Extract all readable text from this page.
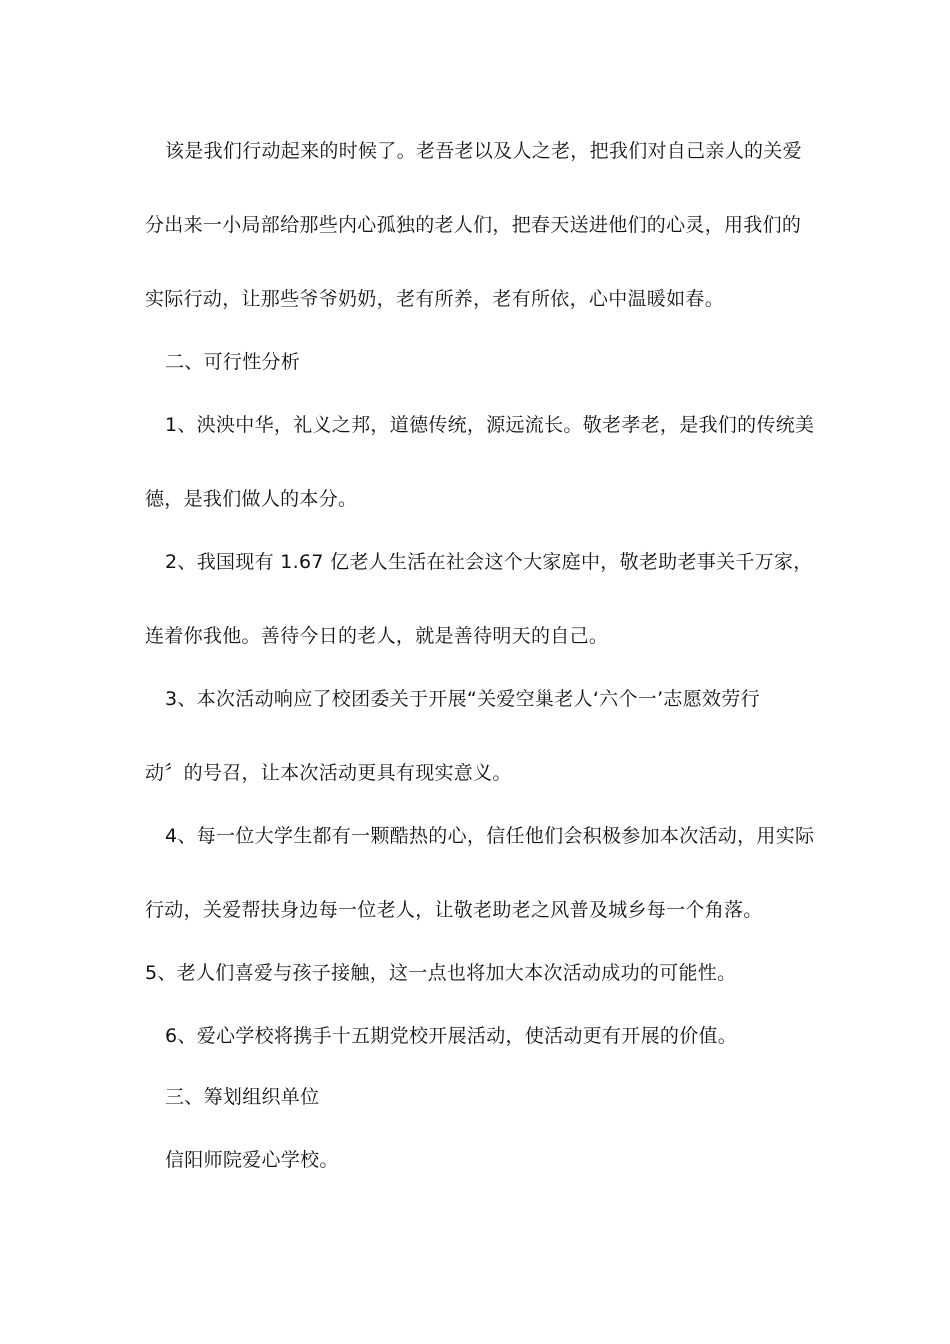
该是我们行动起来的时候了。老吾老以及人之老，把我们对自己亲人的关爱
分出来一小局部给那些内心孤独的老人们，把春天送进他们的心灵，用我们的
实际行动，让那些爷爷奶奶，老有所养，老有所依，心中温暖如春。
二、可行性分析
1、泱泱中华，礼义之邦，道德传统，源远流长。敬老孝老，是我们的传统美
德，是我们做人的本分。
2、我国现有 1.67 亿老人生活在社会这个大家庭中，敬老助老事关千万家，
连着你我他。善待今日的老人，就是善待明天的自己。
3、本次活动响应了校团委关于开展“关爱空巢老人‘六个一’志愿效劳行
动〞的号召，让本次活动更具有现实意义。
4、每一位大学生都有一颗酷热的心，信任他们会积极参加本次活动，用实际
行动，关爱帮扶身边每一位老人，让敬老助老之风普及城乡每一个角落。
5、老人们喜爱与孩子接触，这一点也将加大本次活动成功的可能性。
6、爱心学校将携手十五期党校开展活动，使活动更有开展的价值。
三、筹划组织单位
信阳师院爱心学校。
